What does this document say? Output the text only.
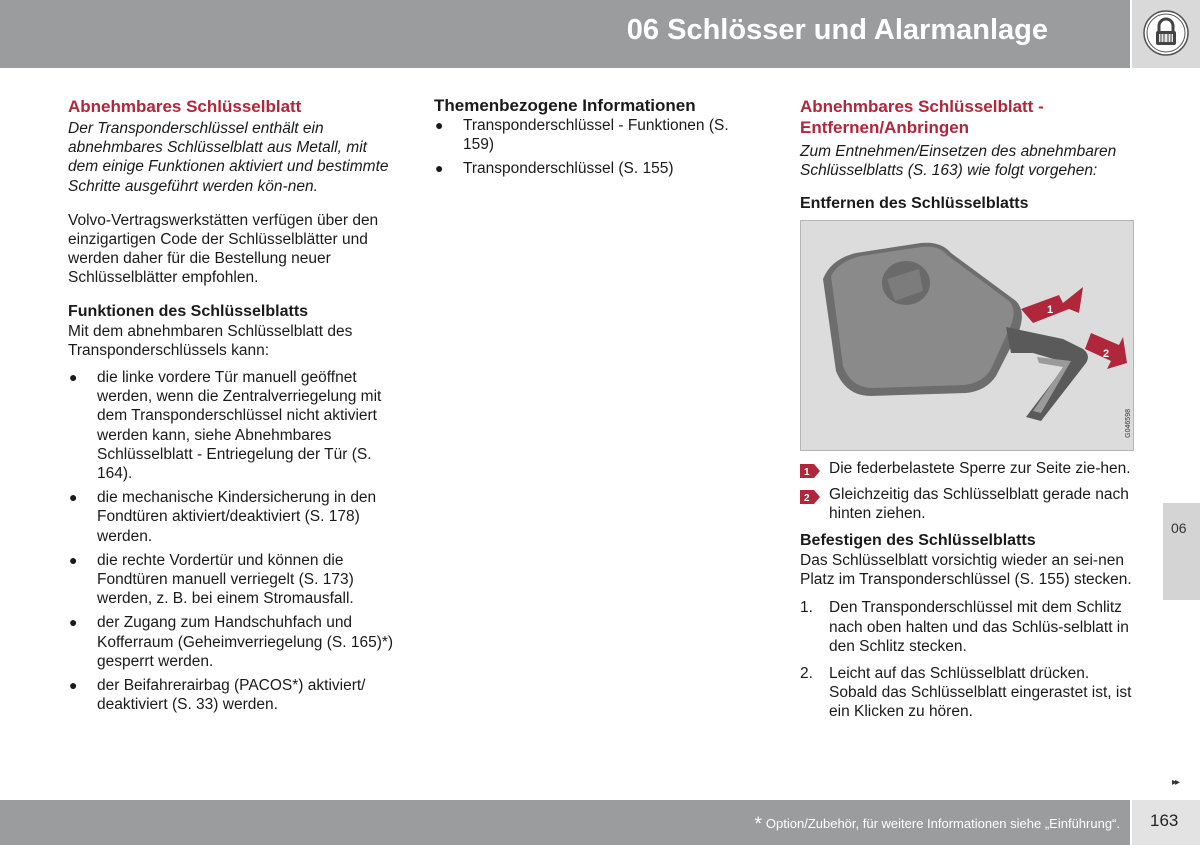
06 Schlösser und Alarmanlage
Abnehmbares Schlüsselblatt

Der Transponderschlüssel enthält ein abnehmbares Schlüsselblatt aus Metall, mit dem einige Funktionen aktiviert und bestimmte Schritte ausgeführt werden kön-nen.

Volvo-Vertragswerkstätten verfügen über den einzigartigen Code der Schlüsselblätter und werden daher für die Bestellung neuer Schlüsselblätter empfohlen.

Funktionen des Schlüsselblatts

Mit dem abnehmbaren Schlüsselblatt des Transponderschlüssels kann:

● die linke vordere Tür manuell geöffnet werden, wenn die Zentralverriegelung mit dem Transponderschlüssel nicht aktiviert werden kann, siehe Abnehmbares Schlüsselblatt - Entriegelung der Tür (S. 164).
● die mechanische Kindersicherung in den Fondtüren aktiviert/deaktiviert (S. 178) werden.
● die rechte Vordertür und können die Fondtüren manuell verriegelt (S. 173) werden, z. B. bei einem Stromausfall.
● der Zugang zum Handschuhfach und Kofferraum (Geheimverriegelung (S. 165)*) gesperrt werden.
● der Beifahrerairbag (PACOS*) aktiviert/ deaktiviert (S. 33) werden.
Themenbezogene Informationen
● Transponderschlüssel - Funktionen (S. 159)
● Transponderschlüssel (S. 155)
Abnehmbares Schlüsselblatt - Entfernen/Anbringen

Zum Entnehmen/Einsetzen des abnehmbaren Schlüsselblatts (S. 163) wie folgt vorgehen:

Entfernen des Schlüsselblatts
1
2
G046598
1 Die federbelastete Sperre zur Seite zie-hen.
2 Gleichzeitig das Schlüsselblatt gerade nach hinten ziehen.
Befestigen des Schlüsselblatts

Das Schlüsselblatt vorsichtig wieder an sei-nen Platz im Transponderschlüssel (S. 155) stecken.

1. Den Transponderschlüssel mit dem Schlitz nach oben halten und das Schlüs-selblatt in den Schlitz stecken.
2. Leicht auf das Schlüsselblatt drücken. Sobald das Schlüsselblatt eingerastet ist, ist ein Klicken zu hören.
06
▸▸
* Option/Zubehör, für weitere Informationen siehe „Einführung“. 163
